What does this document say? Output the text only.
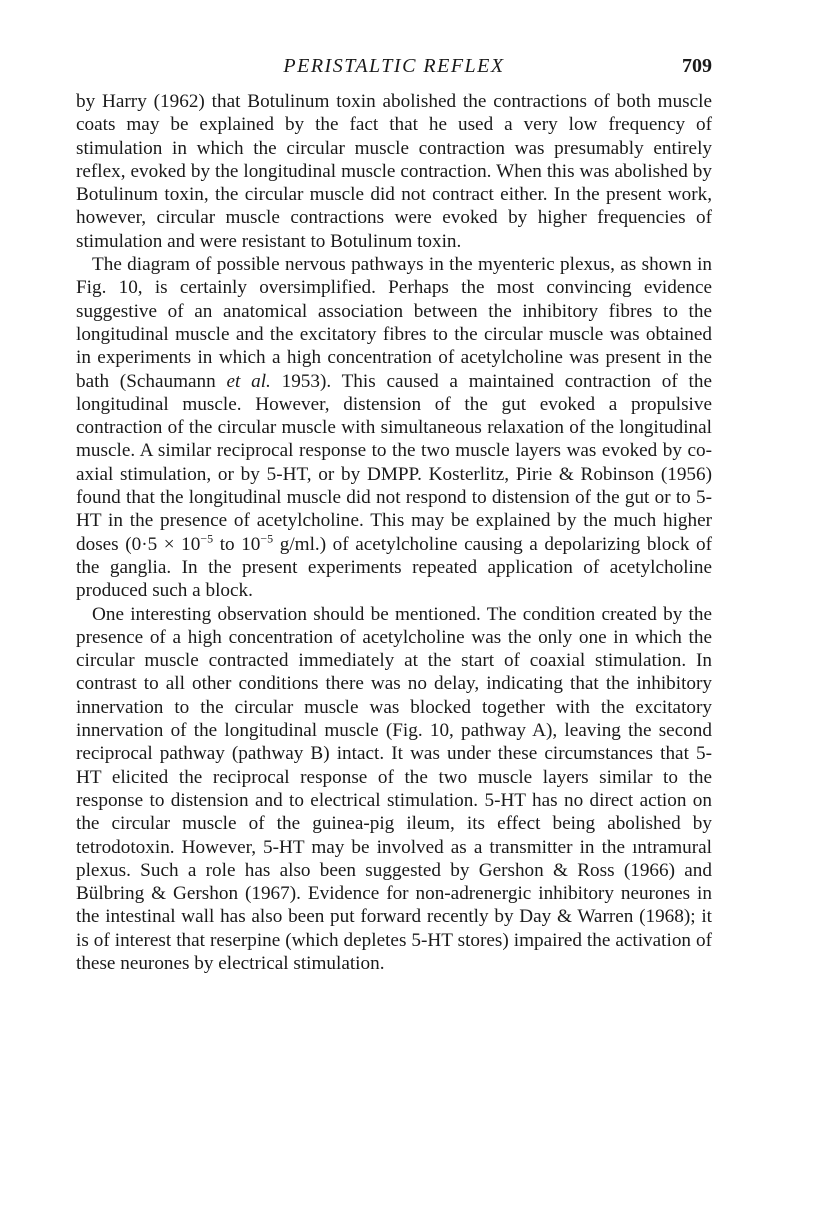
PERISTALTIC REFLEX	709

by Harry (1962) that Botulinum toxin abolished the contractions of both muscle coats may be explained by the fact that he used a very low frequency of stimulation in which the circular muscle contraction was presumably entirely reflex, evoked by the longitudinal muscle contraction. When this was abolished by Botulinum toxin, the circular muscle did not contract either. In the present work, however, circular muscle contractions were evoked by higher frequencies of stimulation and were resistant to Botulinum toxin.

The diagram of possible nervous pathways in the myenteric plexus, as shown in Fig. 10, is certainly oversimplified. Perhaps the most convincing evidence suggestive of an anatomical association between the inhibitory fibres to the longitudinal muscle and the excitatory fibres to the circular muscle was obtained in experiments in which a high concentration of acetylcholine was present in the bath (Schaumann et al. 1953). This caused a maintained contraction of the longitudinal muscle. However, distension of the gut evoked a propulsive contraction of the circular muscle with simultaneous relaxation of the longitudinal muscle. A similar reciprocal response to the two muscle layers was evoked by co-axial stimulation, or by 5-HT, or by DMPP. Kosterlitz, Pirie & Robinson (1956) found that the longitudinal muscle did not respond to distension of the gut or to 5-HT in the presence of acetylcholine. This may be explained by the much higher doses ($0\cdot 5 \times 10^{-5}$ to $10^{-5}$ g/ml.) of acetylcholine causing a depolarizing block of the ganglia. In the present experiments repeated application of acetylcholine produced such a block.

One interesting observation should be mentioned. The condition created by the presence of a high concentration of acetylcholine was the only one in which the circular muscle contracted immediately at the start of coaxial stimulation. In contrast to all other conditions there was no delay, indicating that the inhibitory innervation to the circular muscle was blocked together with the excitatory innervation of the longitudinal muscle (Fig. 10, pathway A), leaving the second reciprocal pathway (pathway B) intact. It was under these circumstances that 5-HT elicited the reciprocal response of the two muscle layers similar to the response to distension and to electrical stimulation. 5-HT has no direct action on the circular muscle of the guinea-pig ileum, its effect being abolished by tetrodotoxin. However, 5-HT may be involved as a transmitter in the ıntramural plexus. Such a role has also been suggested by Gershon & Ross (1966) and Bülbring & Gershon (1967). Evidence for non-adrenergic inhibitory neurones in the intestinal wall has also been put forward recently by Day & Warren (1968); it is of interest that reserpine (which depletes 5-HT stores) impaired the activation of these neurones by electrical stimulation.
